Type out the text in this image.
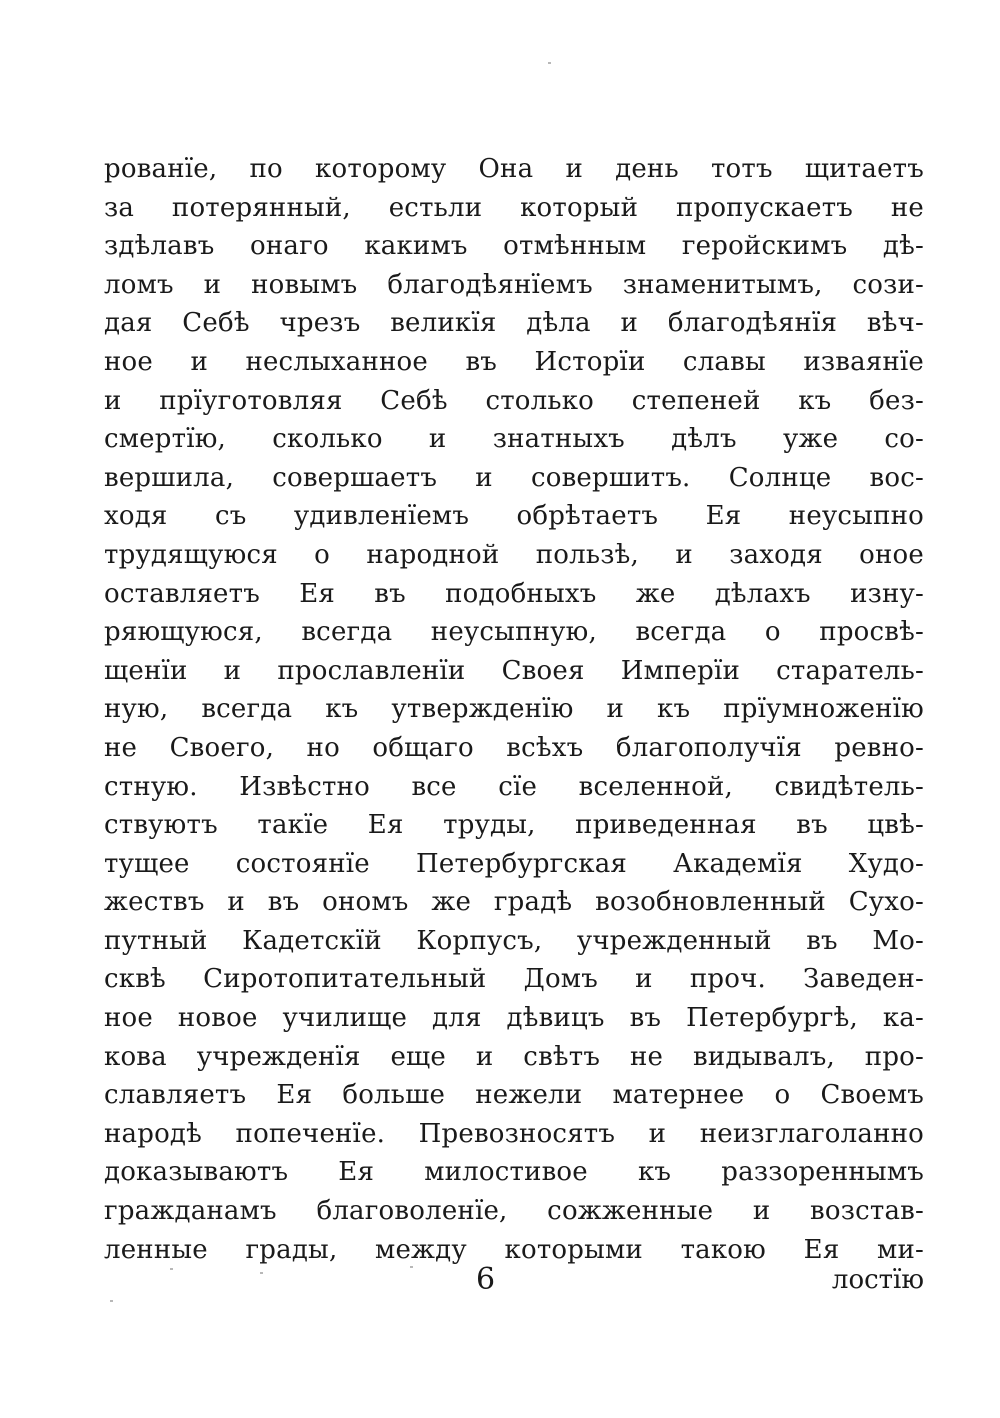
рованїе, по которому Она и день тотъ щитаетъ
за потерянный, естьли который пропускаетъ не
здѣлавъ онаго какимъ отмѣнным геройскимъ дѣ-
ломъ и новымъ благодѣянїемъ знаменитымъ, сози-
дая Себѣ чрезъ великїя дѣла и благодѣянїя вѣч-
ное и неслыханное въ Исторїи славы изваянїе
и прїуготовляя Себѣ столько степеней къ без-
смертїю, сколько и знатныхъ дѣлъ уже со-
вершила, совершаетъ и совершитъ. Солнце вос-
ходя съ удивленїемъ обрѣтаетъ Ея неусыпно
трудящуюся о народной пользѣ, и заходя оное
оставляетъ Ея въ подобныхъ же дѣлахъ изну-
ряющуюся, всегда неусыпную, всегда о просвѣ-
щенїи и прославленїи Своея Имперїи старатель-
ную, всегда къ утвержденїю и къ прїумноженїю
не Своего, но общаго всѣхъ благополучїя ревно-
стную. Извѣстно все сїе вселенной, свидѣтель-
ствуютъ такїе Ея труды, приведенная въ цвѣ-
тущее состоянїе Петербургская Академїя Худо-
жествъ и въ ономъ же градѣ возобновленный Сухо-
путный Кадетскїй Корпусъ, учрежденный въ Мо-
сквѣ Сиротопитательный Домъ и проч. Заведен-
ное новое училище для дѣвицъ въ Петербургѣ, ка-
кова учрежденїя еще и свѣтъ не видывалъ, про-
славляетъ Ея больше нежели матернее о Своемъ
народѣ попеченїе. Превозносятъ и неизглаголанно
доказываютъ Ея милостивое къ раззореннымъ
гражданамъ благоволенїе, сожженные и возстав-
ленные грады, между которыми такою Ея ми-
6	лостїю
